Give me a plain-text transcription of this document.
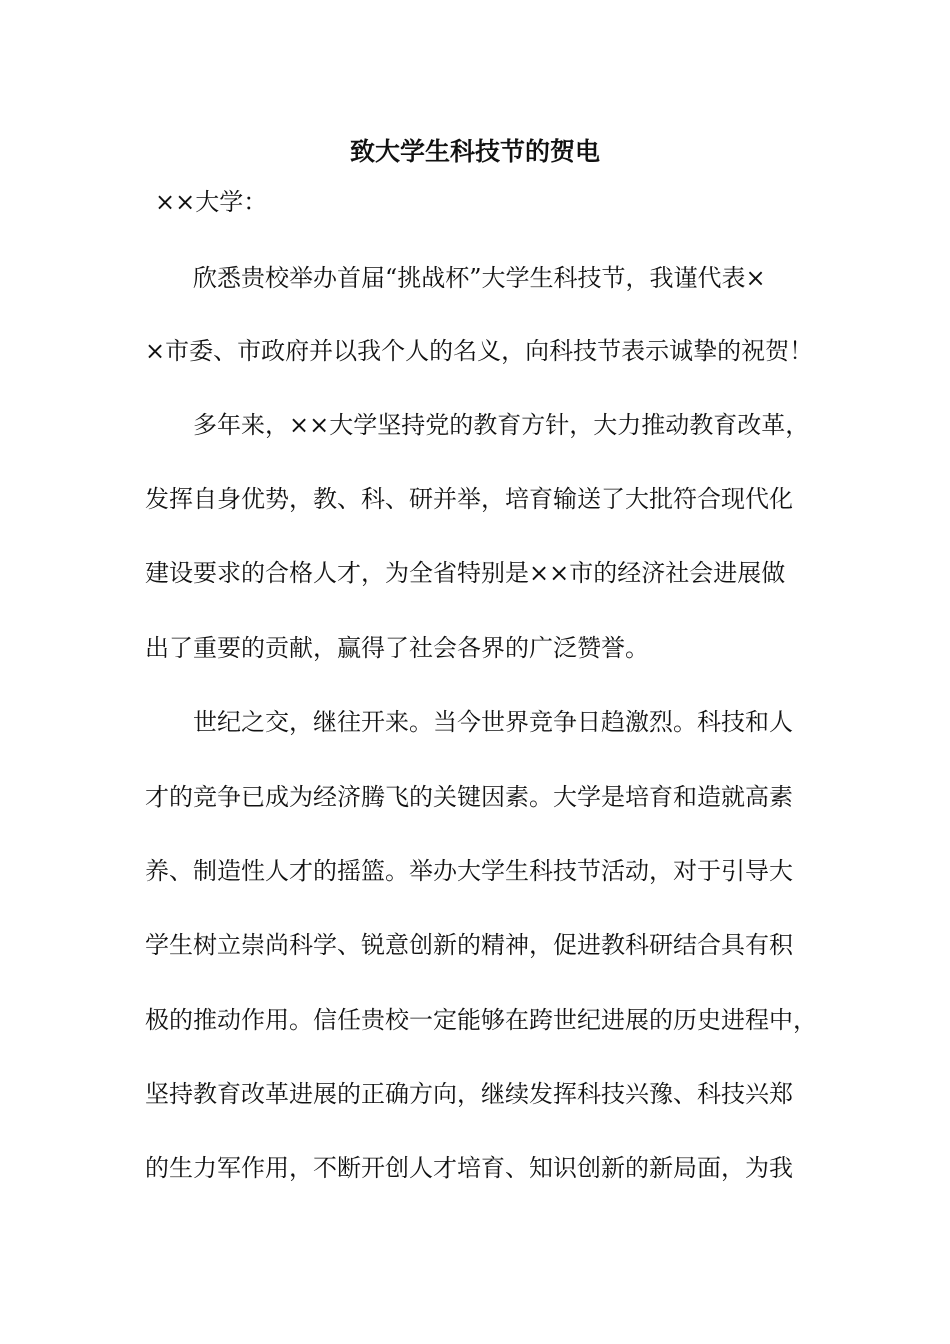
致大学生科技节的贺电

××大学：

欣悉贵校举办首届“挑战杯”大学生科技节，我谨代表×

×市委、市政府并以我个人的名义，向科技节表示诚挚的祝贺！

多年来，××大学坚持党的教育方针，大力推动教育改革，

发挥自身优势，教、科、研并举，培育输送了大批符合现代化

建设要求的合格人才，为全省特别是××市的经济社会进展做

出了重要的贡献，赢得了社会各界的广泛赞誉。

世纪之交，继往开来。当今世界竞争日趋激烈。科技和人

才的竞争已成为经济腾飞的关键因素。大学是培育和造就高素

养、制造性人才的摇篮。举办大学生科技节活动，对于引导大

学生树立崇尚科学、锐意创新的精神，促进教科研结合具有积

极的推动作用。信任贵校一定能够在跨世纪进展的历史进程中，

坚持教育改革进展的正确方向，继续发挥科技兴豫、科技兴郑

的生力军作用，不断开创人才培育、知识创新的新局面，为我
